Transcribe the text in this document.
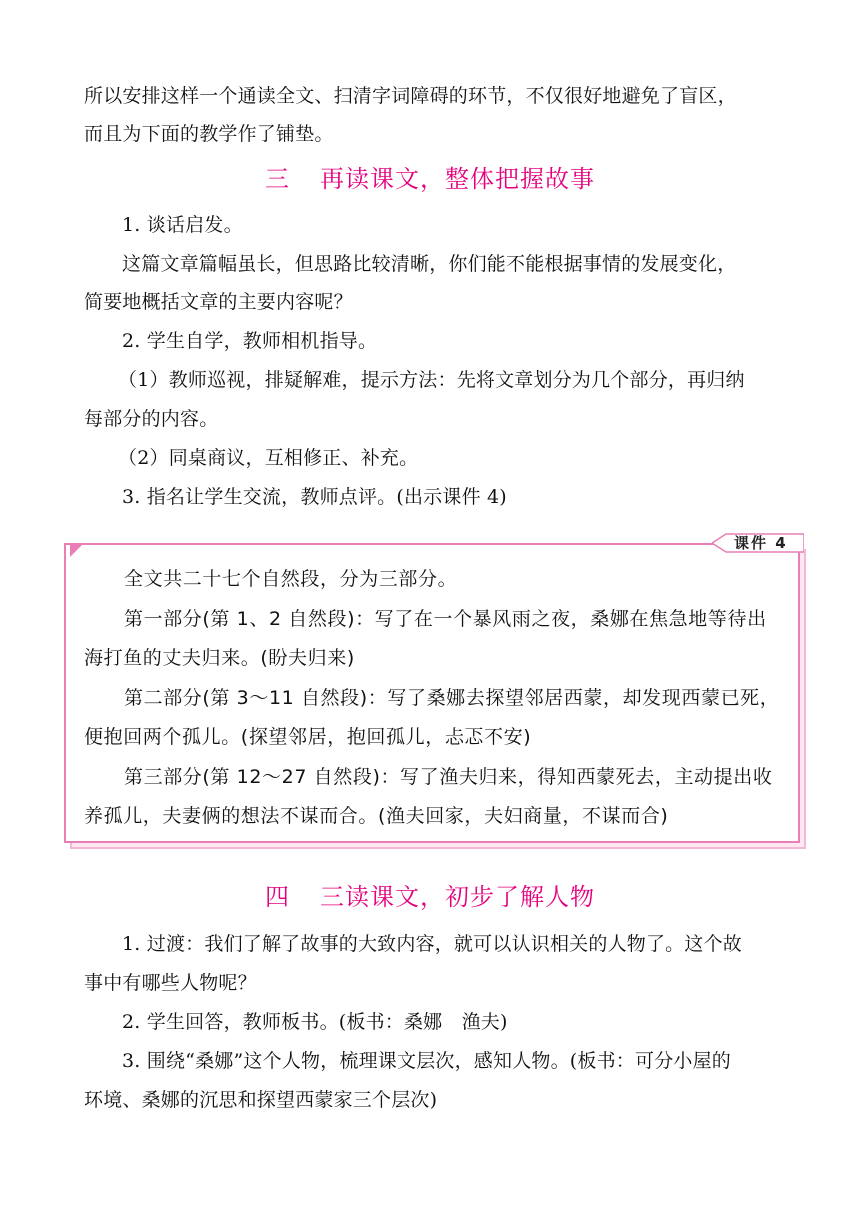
所以安排这样一个通读全文、扫清字词障碍的环节，不仅很好地避免了盲区，
而且为下面的教学作了铺垫。
三 再读课文，整体把握故事
1. 谈话启发。
这篇文章篇幅虽长，但思路比较清晰，你们能不能根据事情的发展变化，
简要地概括文章的主要内容呢？
2. 学生自学，教师相机指导。
（1）教师巡视，排疑解难，提示方法：先将文章划分为几个部分，再归纳
每部分的内容。
（2）同桌商议，互相修正、补充。
3. 指名让学生交流，教师点评。(出示课件 4)
课件 4
全文共二十七个自然段，分为三部分。
第一部分(第 1、2 自然段)：写了在一个暴风雨之夜，桑娜在焦急地等待出
海打鱼的丈夫归来。(盼夫归来)
第二部分(第 3～11 自然段)：写了桑娜去探望邻居西蒙，却发现西蒙已死，
便抱回两个孤儿。(探望邻居，抱回孤儿，忐忑不安)
第三部分(第 12～27 自然段)：写了渔夫归来，得知西蒙死去，主动提出收
养孤儿，夫妻俩的想法不谋而合。(渔夫回家，夫妇商量，不谋而合)
四 三读课文，初步了解人物
1. 过渡：我们了解了故事的大致内容，就可以认识相关的人物了。这个故
事中有哪些人物呢？
2. 学生回答，教师板书。(板书：桑娜　渔夫)
3. 围绕“桑娜”这个人物，梳理课文层次，感知人物。(板书：可分小屋的
环境、桑娜的沉思和探望西蒙家三个层次)
